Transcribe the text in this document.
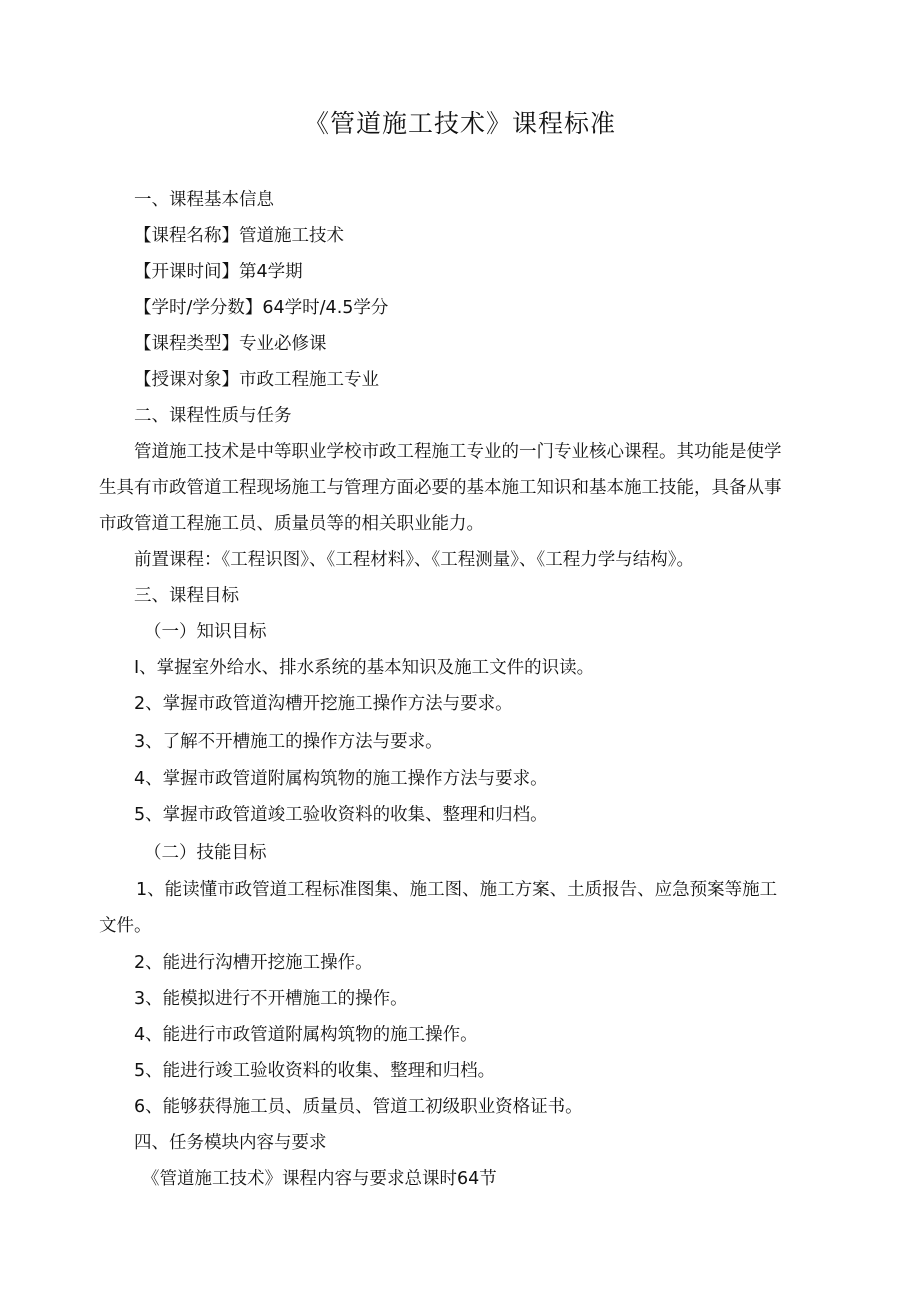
《管道施工技术》课程标准
一、课程基本信息
【课程名称】管道施工技术
【开课时间】第4学期
【学时/学分数】64学时/4.5学分
【课程类型】专业必修课
【授课对象】市政工程施工专业
二、课程性质与任务
管道施工技术是中等职业学校市政工程施工专业的一门专业核心课程。其功能是使学
生具有市政管道工程现场施工与管理方面必要的基本施工知识和基本施工技能，具备从事
市政管道工程施工员、质量员等的相关职业能力。
前置课程：《工程识图》、《工程材料》、《工程测量》、《工程力学与结构》。
三、课程目标
（一）知识目标
I、掌握室外给水、排水系统的基本知识及施工文件的识读。
2、掌握市政管道沟槽开挖施工操作方法与要求。
3、了解不开槽施工的操作方法与要求。
4、掌握市政管道附属构筑物的施工操作方法与要求。
5、掌握市政管道竣工验收资料的收集、整理和归档。
（二）技能目标
1、能读懂市政管道工程标准图集、施工图、施工方案、土质报告、应急预案等施工
文件。
2、能进行沟槽开挖施工操作。
3、能模拟进行不开槽施工的操作。
4、能进行市政管道附属构筑物的施工操作。
5、能进行竣工验收资料的收集、整理和归档。
6、能够获得施工员、质量员、管道工初级职业资格证书。
四、任务模块内容与要求
《管道施工技术》课程内容与要求总课时64节
